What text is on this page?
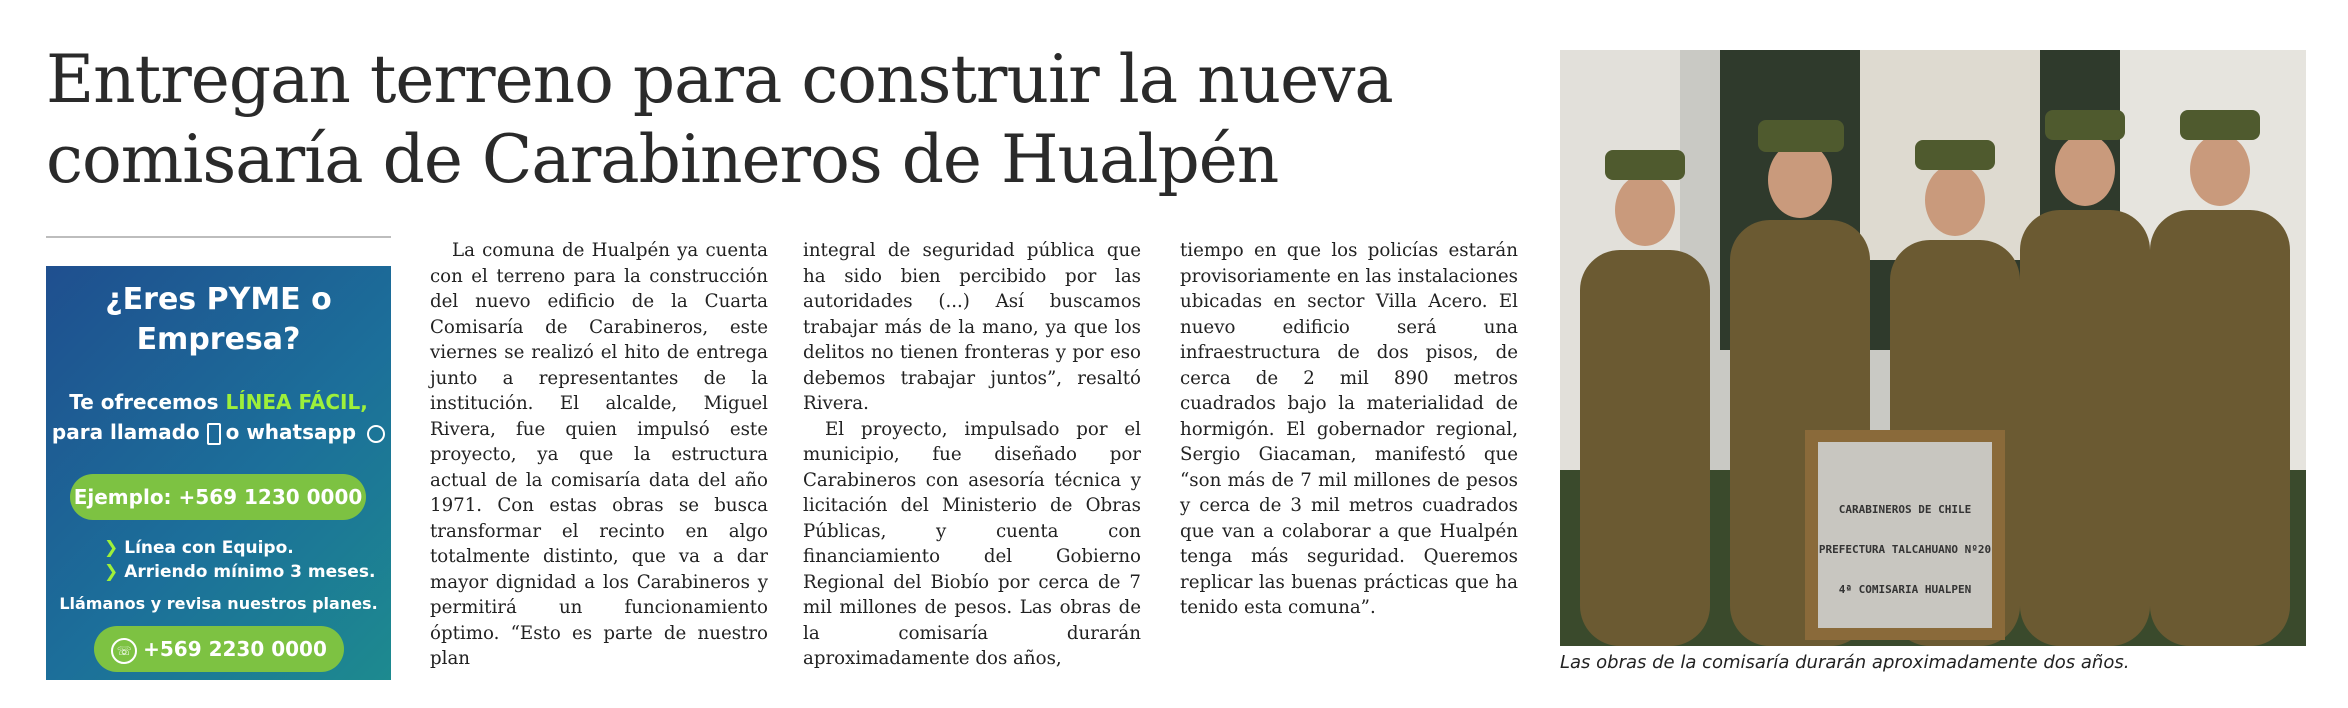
Entregan terreno para construir la nueva
comisaría de Carabineros de Hualpén
¿Eres PYME o
Empresa?
Te ofrecemos LÍNEA FÁCIL,
para llamado o whatsapp
Ejemplo: +569 1230 0000
❯ Línea con Equipo.
❯ Arriendo mínimo 3 meses.
Llámanos y revisa nuestros planes.
☏ +569 2230 0000

La comuna de Hualpén ya cuenta con el terreno para la construcción del nuevo edificio de la Cuarta Comisaría de Carabineros, este viernes se realizó el hito de entrega junto a representantes de la institución. El alcalde, Miguel Rivera, fue quien impulsó este proyecto, ya que la estructura actual de la comisaría data del año 1971. Con estas obras se busca transformar el recinto en algo totalmente distinto, que va a dar mayor dignidad a los Carabineros y permitirá un funcionamiento óptimo. “Esto es parte de nuestro plan

integral de seguridad pública que ha sido bien percibido por las autoridades (...) Así buscamos trabajar más de la mano, ya que los delitos no tienen fronteras y por eso debemos trabajar juntos”, resaltó Rivera.

El proyecto, impulsado por el municipio, fue diseñado por Carabineros con asesoría técnica y licitación del Ministerio de Obras Públicas, y cuenta con financiamiento del Gobierno Regional del Biobío por cerca de 7 mil millones de pesos. Las obras de la comisaría durarán aproximadamente dos años,

tiempo en que los policías estarán provisoriamente en las instalaciones ubicadas en sector Villa Acero. El nuevo edificio será una infraestructura de dos pisos, de cerca de 2 mil 890 metros cuadrados bajo la materialidad de hormigón. El gobernador regional, Sergio Giacaman, manifestó que “son más de 7 mil millones de pesos y cerca de 3 mil metros cuadrados que van a colaborar a que Hualpén tenga más seguridad. Queremos replicar las buenas prácticas que ha tenido esta comuna”.

CARABINEROS DE CHILE
PREFECTURA TALCAHUANO Nº20
4ª COMISARIA HUALPEN
Las obras de la comisaría durarán aproximadamente dos años.
